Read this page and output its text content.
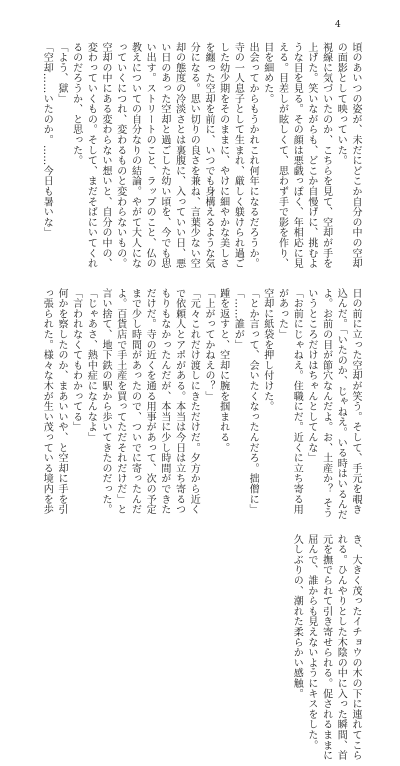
4

頃のあいつの姿が、未だにどこか自分の中の空却の面影として映っていた。

視線に気づいたのか、こちらを見て、空却が手を上げた。笑いながらも、どこか自慢げに、挑むような目を見る。その顔は悪戯っぽく、年相応に見える。目差しが眩しくて、思わず手で影を作り、目を細めた。

出会ってからもうかれこれ何年になるだろうか。

寺の一人息子として生まれ、厳しく躾けられ過ごした幼少期をそのままに、やけに細やかな美しさを纏った空却を前に、いつでも身構えるような気分になる。思い切りの良さを兼ね、言葉少ない空却の態度の冷淡さとは裏腹に、入っていい日、悪い日のあった空却と過ごした幼い頃を、今でも思い出す。ストリートのこと、ラップのこと、仏の教えについての自分なりの結論。やがて大人になっていくにつれ、変わるものと変わらないもの。空却の中にある変わらない想いと、自分の中の、変わっていくもの。そして、まだそばにいてくれるのだろうか、と思った。

「よう、獄」

「空却……いたのか。……今日も暑いな」

日の前に立った空却が笑う。そして、手元を覗き込んだ。「いたのか、じゃねえ。いる時はいるんだよ。お前の目が節穴なんだよ。お、土産か？ そういうところだけはちゃんとしてんな」

「お前にじゃねえ。住職にだ。近くに立ち寄る用があった」

空却に紙袋を押し付けた。

「とか言って、会いたくなったんだろ。拙僧に」

「……誰が」

踵を返すと、空却に腕を掴まれる。

「上がってかねえの？」

「元々これだけ渡しにきただけだ。夕方から近くで依頼人とアポがある。本当は今日は立ち寄るつもりもなかったんだが、本当に少し時間ができただけだ。寺の近くを通る用事があって、次の予定まで少し時間があったので、ついでに寄ったんだよ。百貨店で手土産を買ってただそれだけだ」と言い捨て、地下鉄の駅から歩いてきたのだった。

「じゃあさ、熱中症になんなよ」

「言われなくてもわかってる」

何かを察したのか、まあいいや、と空却に手を引っ張られた。様々な木が生い茂っている境内を歩き、大きく茂ったイチョウの木の下に連れてこられる。ひんやりとした木陰の中に入った瞬間、首元を撫でられて引き寄せられる。促されるままに屈んで、誰からも見えないようにキスをした。

久しぶりの、潮れた柔らかい感触。
